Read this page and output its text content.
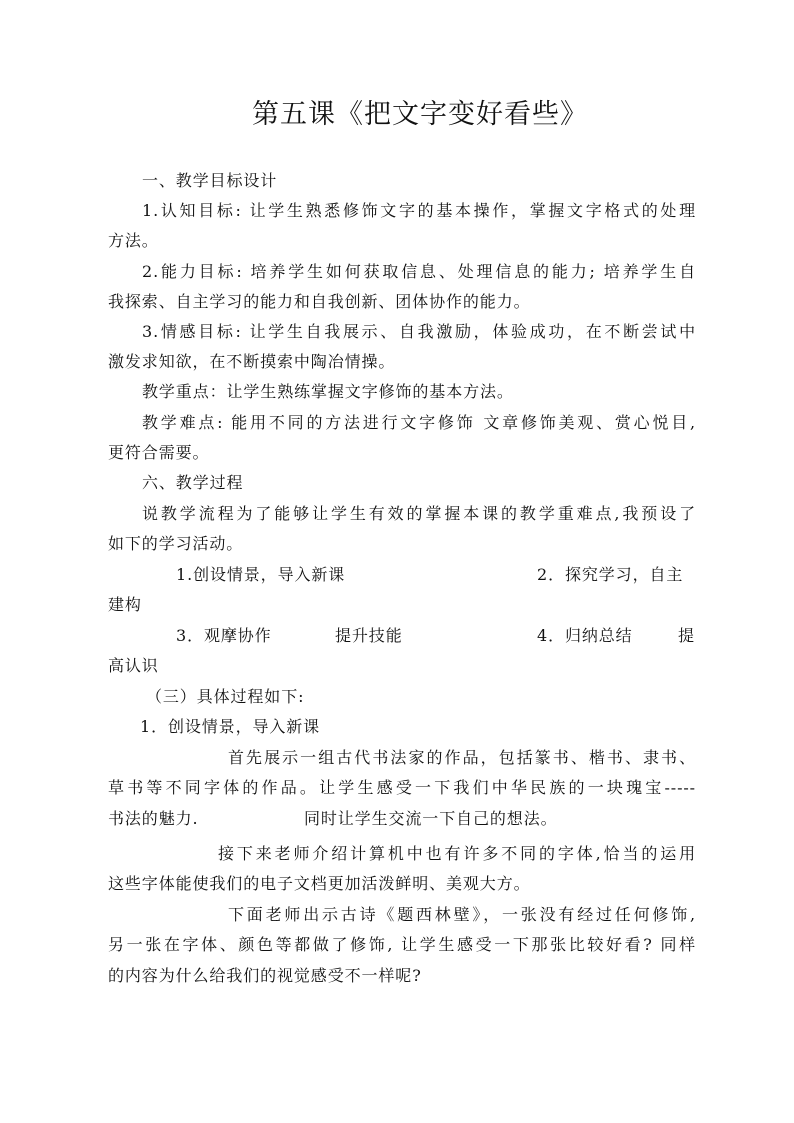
第五课《把文字变好看些》
一、教学目标设计
1.认知目标: 让学生熟悉修饰文字的基本操作，掌握文字格式的处理
方法。
2.能力目标: 培养学生如何获取信息、处理信息的能力; 培养学生自
我探索、自主学习的能力和自我创新、团体协作的能力。
3.情感目标: 让学生自我展示、自我激励，体验成功，在不断尝试中
激发求知欲，在不断摸索中陶冶情操。
教学重点：让学生熟练掌握文字修饰的基本方法。
教学难点: 能用不同的方法进行文字修饰 文章修饰美观、赏心悦目,
更符合需要。
六、教学过程
说教学流程为了能够让学生有效的掌握本课的教学重难点,我预设了
如下的学习活动。
1.创设情景，导入新课	2．探究学习，自主
建构
3．观摩协作	提升技能	4．归纳总结	提
高认识
（三）具体过程如下:
1．创设情景，导入新课
首先展示一组古代书法家的作品，包括篆书、楷书、隶书、
草书等不同字体的作品。让学生感受一下我们中华民族的一块瑰宝-----
书法的魅力.	同时让学生交流一下自己的想法。
接下来老师介绍计算机中也有许多不同的字体,恰当的运用
这些字体能使我们的电子文档更加活泼鲜明、美观大方。
下面老师出示古诗《题西林壁》，一张没有经过任何修饰,
另一张在字体、颜色等都做了修饰, 让学生感受一下那张比较好看? 同样
的内容为什么给我们的视觉感受不一样呢?
